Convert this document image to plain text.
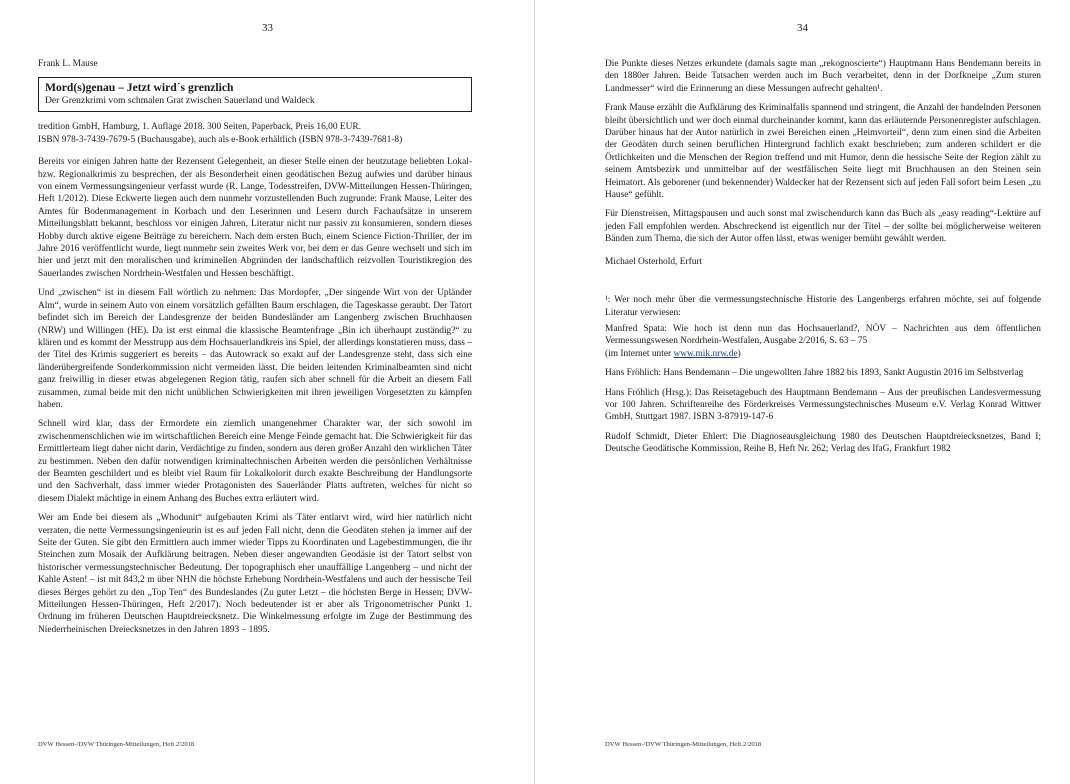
33

Frank L. Mause

Mord(s)genau – Jetzt wird´s grenzlich
Der Grenzkrimi vom schmalen Grat zwischen Sauerland und Waldeck

tredition GmbH, Hamburg, 1. Auflage 2018. 300 Seiten, Paperback, Preis 16,00 EUR.
ISBN 978-3-7439-7679-5 (Buchausgabe), auch als e-Book erhältlich (ISBN 978-3-7439-7681-8)

Bereits vor einigen Jahren hatte der Rezensent Gelegenheit, an dieser Stelle einen der heutzutage beliebten Lokal- bzw. Regionalkrimis zu besprechen, der als Besonderheit einen geodätischen Bezug aufwies und darüber hinaus von einem Vermessungsingenieur verfasst wurde (R. Lange, Todesstreifen, DVW-Mitteilungen Hessen-Thüringen, Heft 1/2012). Diese Eckwerte liegen auch dem nunmehr vorzustellenden Buch zugrunde: Frank Mause, Leiter des Amtes für Bodenmanagement in Korbach und den Leserinnen und Lesern durch Fachaufsätze in unserem Mitteilungsblatt bekannt, beschloss vor einigen Jahren, Literatur nicht nur passiv zu konsumieren, sondern dieses Hobby durch aktive eigene Beiträge zu bereichern. Nach dem ersten Buch, einem Science Fiction-Thriller, der im Jahre 2016 veröffentlicht wurde, liegt nunmehr sein zweites Werk vor, bei dem er das Genre wechselt und sich im hier und jetzt mit den moralischen und kriminellen Abgründen der landschaftlich reizvollen Touristikregion des Sauerlandes zwischen Nordrhein-Westfalen und Hessen beschäftigt.

Und „zwischen“ ist in diesem Fall wörtlich zu nehmen: Das Mordopfer, „Der singende Wirt von der Upländer Alm“, wurde in seinem Auto von einem vorsätzlich gefällten Baum erschlagen, die Tageskasse geraubt. Der Tatort befindet sich im Bereich der Landesgrenze der beiden Bundesländer am Langenberg zwischen Bruchhausen (NRW) und Willingen (HE). Da ist erst einmal die klassische Beamtenfrage „Bin ich überhaupt zuständig?“ zu klären und es kommt der Messtrupp aus dem Hochsauerlandkreis ins Spiel, der allerdings konstatieren muss, dass – der Titel des Krimis suggeriert es bereits – das Autowrack so exakt auf der Landesgrenze steht, dass sich eine länderübergreifende Sonderkommission nicht vermeiden lässt. Die beiden leitenden Kriminalbeamten sind nicht ganz freiwillig in dieser etwas abgelegenen Region tätig, raufen sich aber schnell für die Arbeit an diesem Fall zusammen, zumal beide mit den nicht unüblichen Schwierigkeiten mit ihren jeweiligen Vorgesetzten zu kämpfen haben.

Schnell wird klar, dass der Ermordete ein ziemlich unangenehmer Charakter war, der sich sowohl im zwischenmenschlichen wie im wirtschaftlichen Bereich eine Menge Feinde gemacht hat. Die Schwierigkeit für das Ermittlerteam liegt daher nicht darin, Verdächtige zu finden, sondern aus deren großer Anzahl den wirklichen Täter zu bestimmen. Neben den dafür notwendigen kriminaltechnischen Arbeiten werden die persönlichen Verhältnisse der Beamten geschildert und es bleibt viel Raum für Lokalkolorit durch exakte Beschreibung der Handlungsorte und den Sachverhalt, dass immer wieder Protagonisten des Sauerländer Platts auftreten, welches für nicht so diesem Dialekt mächtige in einem Anhang des Buches extra erläutert wird.

Wer am Ende bei diesem als „Whodunit“ aufgebauten Krimi als Täter entlarvt wird, wird hier natürlich nicht verraten, die nette Vermessungsingenieurin ist es auf jeden Fall nicht, denn die Geodäten stehen ja immer auf der Seite der Guten. Sie gibt den Ermittlern auch immer wieder Tipps zu Koordinaten und Lagebestimmungen, die ihr Steinchen zum Mosaik der Aufklärung beitragen. Neben dieser angewandten Geodäsie ist der Tatort selbst von historischer vermessungstechnischer Bedeutung. Der topographisch eher unauffällige Langenberg – und nicht der Kahle Asten! – ist mit 843,2 m über NHN die höchste Erhebung Nordrhein-Westfalens und auch der hessische Teil dieses Berges gehört zu den „Top Ten“ des Bundeslandes (Zu guter Letzt – die höchsten Berge in Hessen; DVW-Mitteilungen Hessen-Thüringen, Heft 2/2017). Noch bedeutender ist er aber als Trigonometrischer Punkt 1. Ordnung im früheren Deutschen Hauptdreiecksnetz. Die Winkelmessung erfolgte im Zuge der Bestimmung des Niederrheinischen Dreiecksnetzes in den Jahren 1893 – 1895.

DVW Hessen-/DVW Thüringen-Mitteilungen, Heft 2/2018
34

Die Punkte dieses Netzes erkundete (damals sagte man „rekognoscierte“) Hauptmann Hans Bendemann bereits in den 1880er Jahren. Beide Tatsachen werden auch im Buch verarbeitet, denn in der Dorfkneipe „Zum sturen Landmesser“ wird die Erinnerung an diese Messungen aufrecht gehalten¹.

Frank Mause erzählt die Aufklärung des Kriminalfalls spannend und stringent, die Anzahl der handelnden Personen bleibt übersichtlich und wer doch einmal durcheinander kommt, kann das erläuternde Personenregister aufschlagen. Darüber hinaus hat der Autor natürlich in zwei Bereichen einen „Heimvorteil“, denn zum einen sind die Arbeiten der Geodäten durch seinen beruflichen Hintergrund fachlich exakt beschrieben; zum anderen schildert er die Örtlichkeiten und die Menschen der Region treffend und mit Humor, denn die hessische Seite der Region zählt zu seinem Amtsbezirk und unmittelbar auf der westfälischen Seite liegt mit Bruchhausen an den Steinen sein Heimatort. Als geborener (und bekennender) Waldecker hat der Rezensent sich auf jeden Fall sofort beim Lesen „zu Hause“ gefühlt.

Für Dienstreisen, Mittagspausen und auch sonst mal zwischendurch kann das Buch als „easy reading“-Lektüre auf jeden Fall empfohlen werden. Abschreckend ist eigentlich nur der Titel – der sollte bei möglicherweise weiteren Bänden zum Thema, die sich der Autor offen lässt, etwas weniger bemüht gewählt werden.

Michael Osterhold, Erfurt

¹: Wer noch mehr über die vermessungstechnische Historie des Langenbergs erfahren möchte, sei auf folgende Literatur verwiesen:

Manfred Spata: Wie hoch ist denn nun das Hochsauerland?, NÖV – Nachrichten aus dem öffentlichen Vermessungswesen Nordrhein-Westfalen, Ausgabe 2/2016, S. 63 – 75
(im Internet unter www.mik.nrw.de)

Hans Fröhlich: Hans Bendemann – Die ungewollten Jahre 1882 bis 1893, Sankt Augustin 2016 im Selbstverlag

Hans Fröhlich (Hrsg.): Das Reisetagebuch des Hauptmann Bendemann – Aus der preußischen Landesvermessung vor 100 Jahren. Schriftenreihe des Förderkreises Vermessungstechnisches Museum e.V. Verlag Konrad Wittwer GmbH, Stuttgart 1987. ISBN 3-87919-147-6

Rudolf Schmidt, Dieter Ehlert: Die Diagnoseausgleichung 1980 des Deutschen Hauptdreiecksnetzes, Band I; Deutsche Geodätische Kommission, Reihe B, Heft Nr. 262; Verlag des IfaG, Frankfurt 1982

DVW Hessen-/DVW Thüringen-Mitteilungen, Heft 2/2018
